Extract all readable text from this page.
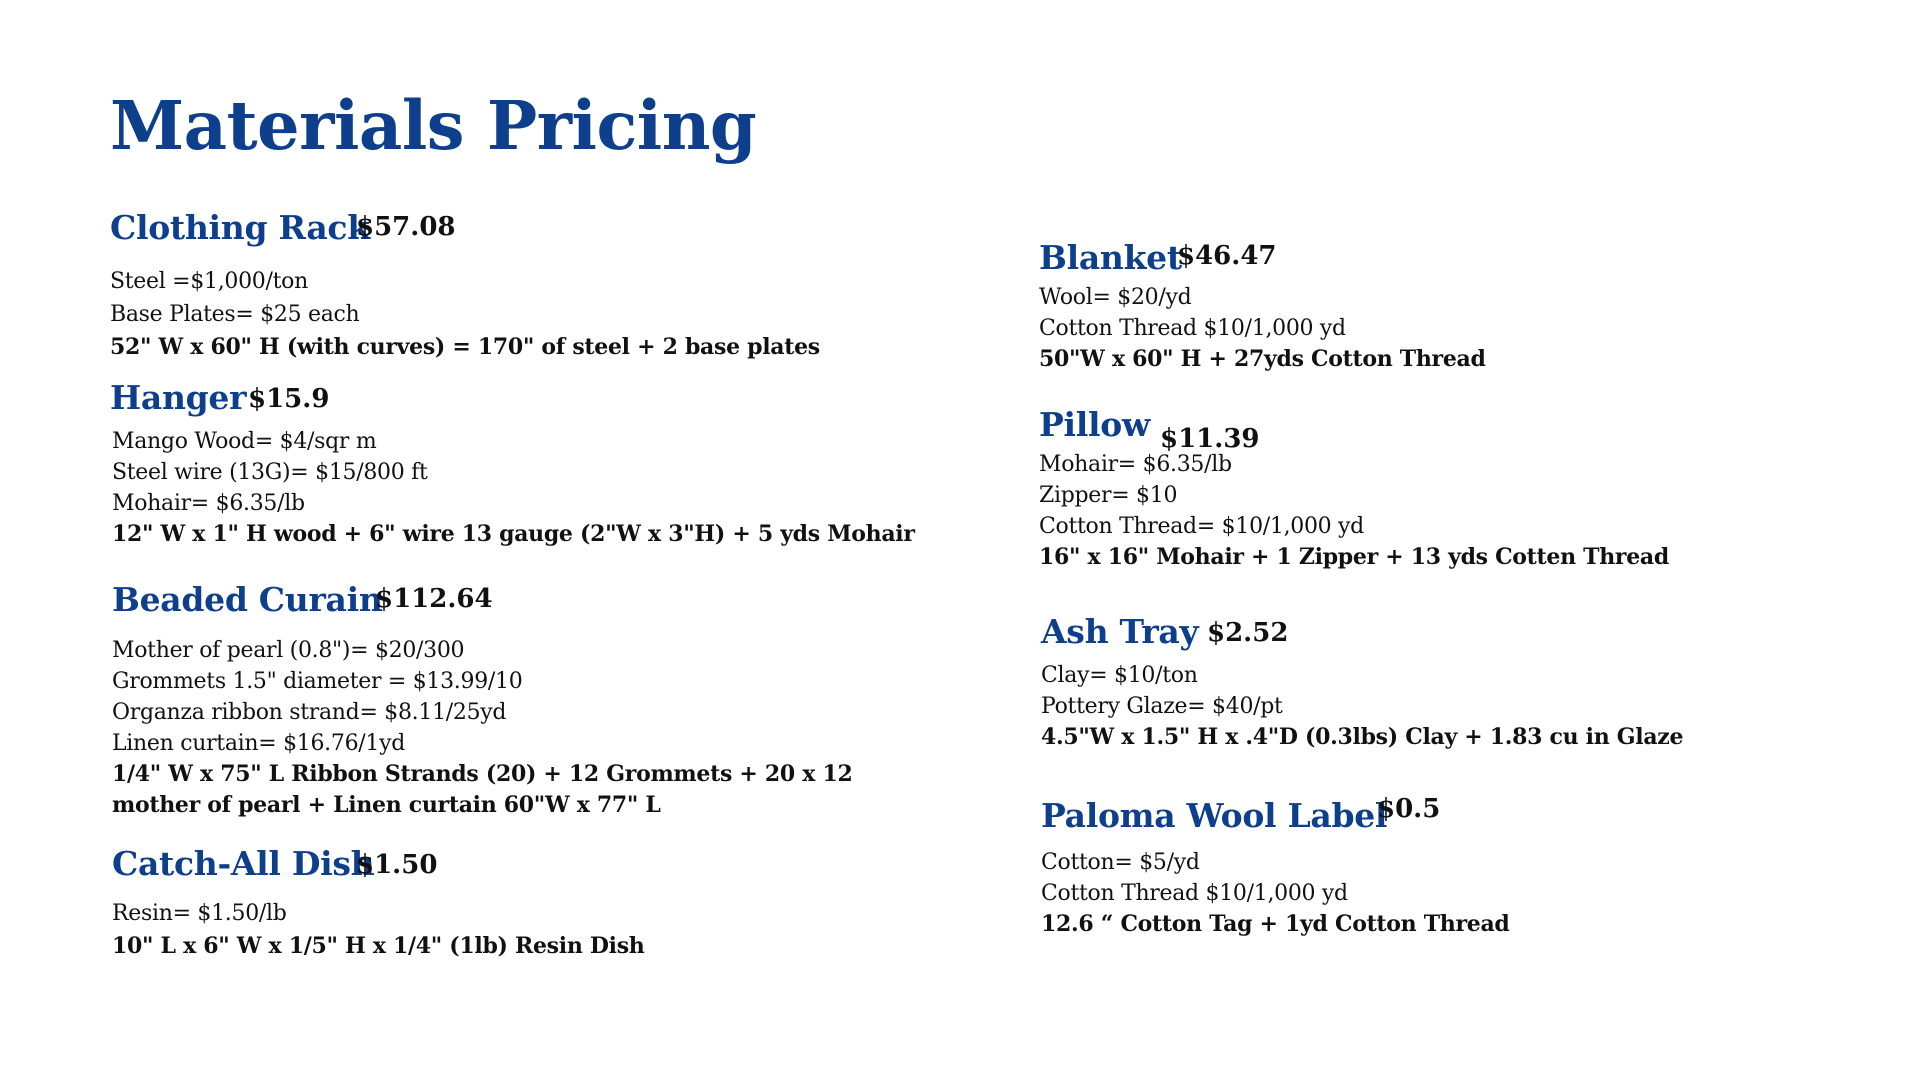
Materials Pricing
Clothing Rack
$57.08
Steel =$1,000/ton
Base Plates= $25 each
52" W x 60" H (with curves) = 170" of steel + 2 base plates
Hanger $15.9
Mango Wood= $4/sqr m
Steel wire (13G)= $15/800 ft
Mohair= $6.35/lb
12" W x 1" H wood + 6" wire 13 gauge (2"W x 3"H) + 5 yds Mohair
Beaded Curain
$112.64
Mother of pearl (0.8")= $20/300
Grommets 1.5" diameter = $13.99/10
Organza ribbon strand= $8.11/25yd
Linen curtain= $16.76/1yd
1/4" W x 75" L Ribbon Strands (20) + 12 Grommets + 20 x 12
mother of pearl + Linen curtain 60"W x 77" L
Catch-All Dish
$1.50
Resin= $1.50/lb
10" L x 6" W x 1/5" H x 1/4" (1lb) Resin Dish
Blanket
$46.47
Wool= $20/yd
Cotton Thread $10/1,000 yd
50"W x 60" H + 27yds Cotton Thread
Pillow $11.39
Mohair= $6.35/lb
Zipper= $10
Cotton Thread= $10/1,000 yd
16" x 16" Mohair + 1 Zipper + 13 yds Cotten Thread
Ash Tray $2.52
Clay= $10/ton
Pottery Glaze= $40/pt
4.5"W x 1.5" H x .4"D (0.3lbs) Clay + 1.83 cu in Glaze
Paloma Wool Label
$0.5
Cotton= $5/yd
Cotton Thread $10/1,000 yd
12.6 “ Cotton Tag + 1yd Cotton Thread
